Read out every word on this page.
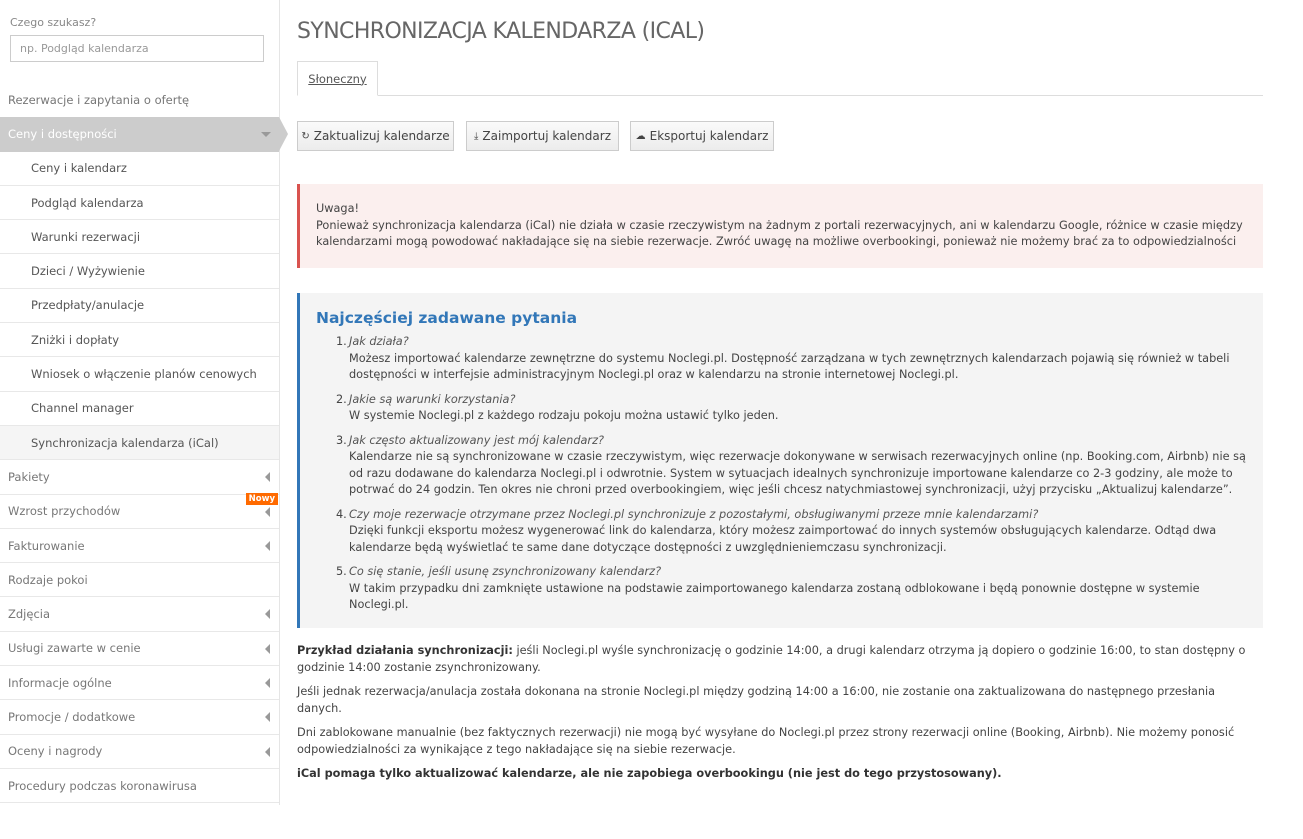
Czego szukasz?
np. Podgląd kalendarza
Rezerwacje i zapytania o ofertę
Ceny i dostępności
Ceny i kalendarz
Podgląd kalendarza
Warunki rezerwacji
Dzieci / Wyżywienie
Przedpłaty/anulacje
Zniżki i dopłaty
Wniosek o włączenie planów cenowych
Channel manager
Synchronizacja kalendarza (iCal)
Pakiety
Wzrost przychodów
Nowy
Fakturowanie
Rodzaje pokoi
Zdjęcia
Usługi zawarte w cenie
Informacje ogólne
Promocje / dodatkowe
Oceny i nagrody
Procedury podczas koronawirusa
SYNCHRONIZACJA KALENDARZA (ICAL)
Słoneczny
↻ Zaktualizuj kalendarze ⤓ Zaimportuj kalendarz ☁ Eksportuj kalendarz
Uwaga!
Ponieważ synchronizacja kalendarza (iCal) nie działa w czasie rzeczywistym na żadnym z portali rezerwacyjnych, ani w kalendarzu Google, różnice w czasie między kalendarzami mogą powodować nakładające się na siebie rezerwacje. Zwróć uwagę na możliwe overbookingi, ponieważ nie możemy brać za to odpowiedzialności
Najczęściej zadawane pytania
1. Jak działa?
Możesz importować kalendarze zewnętrzne do systemu Noclegi.pl. Dostępność zarządzana w tych zewnętrznych kalendarzach pojawią się również w tabeli dostępności w interfejsie administracyjnym Noclegi.pl oraz w kalendarzu na stronie internetowej Noclegi.pl.
2. Jakie są warunki korzystania?
W systemie Noclegi.pl z każdego rodzaju pokoju można ustawić tylko jeden.
3. Jak często aktualizowany jest mój kalendarz?
Kalendarze nie są synchronizowane w czasie rzeczywistym, więc rezerwacje dokonywane w serwisach rezerwacyjnych online (np. Booking.com, Airbnb) nie są od razu dodawane do kalendarza Noclegi.pl i odwrotnie. System w sytuacjach idealnych synchronizuje importowane kalendarze co 2-3 godziny, ale może to potrwać do 24 godzin. Ten okres nie chroni przed overbookingiem, więc jeśli chcesz natychmiastowej synchronizacji, użyj przycisku „Aktualizuj kalendarze”.
4. Czy moje rezerwacje otrzymane przez Noclegi.pl synchronizuje z pozostałymi, obsługiwanymi przeze mnie kalendarzami?
Dzięki funkcji eksportu możesz wygenerować link do kalendarza, który możesz zaimportować do innych systemów obsługujących kalendarze. Odtąd dwa kalendarze będą wyświetlać te same dane dotyczące dostępności z uwzględnieniemczasu synchronizacji.
5. Co się stanie, jeśli usunę zsynchronizowany kalendarz?
W takim przypadku dni zamknięte ustawione na podstawie zaimportowanego kalendarza zostaną odblokowane i będą ponownie dostępne w systemie Noclegi.pl.

Przykład działania synchronizacji: jeśli Noclegi.pl wyśle synchronizację o godzinie 14:00, a drugi kalendarz otrzyma ją dopiero o godzinie 16:00, to stan dostępny o godzinie 14:00 zostanie zsynchronizowany.

Jeśli jednak rezerwacja/anulacja została dokonana na stronie Noclegi.pl między godziną 14:00 a 16:00, nie zostanie ona zaktualizowana do następnego przesłania danych.

Dni zablokowane manualnie (bez faktycznych rezerwacji) nie mogą być wysyłane do Noclegi.pl przez strony rezerwacji online (Booking, Airbnb). Nie możemy ponosić odpowiedzialności za wynikające z tego nakładające się na siebie rezerwacje.

iCal pomaga tylko aktualizować kalendarze, ale nie zapobiega overbookingu (nie jest do tego przystosowany).
